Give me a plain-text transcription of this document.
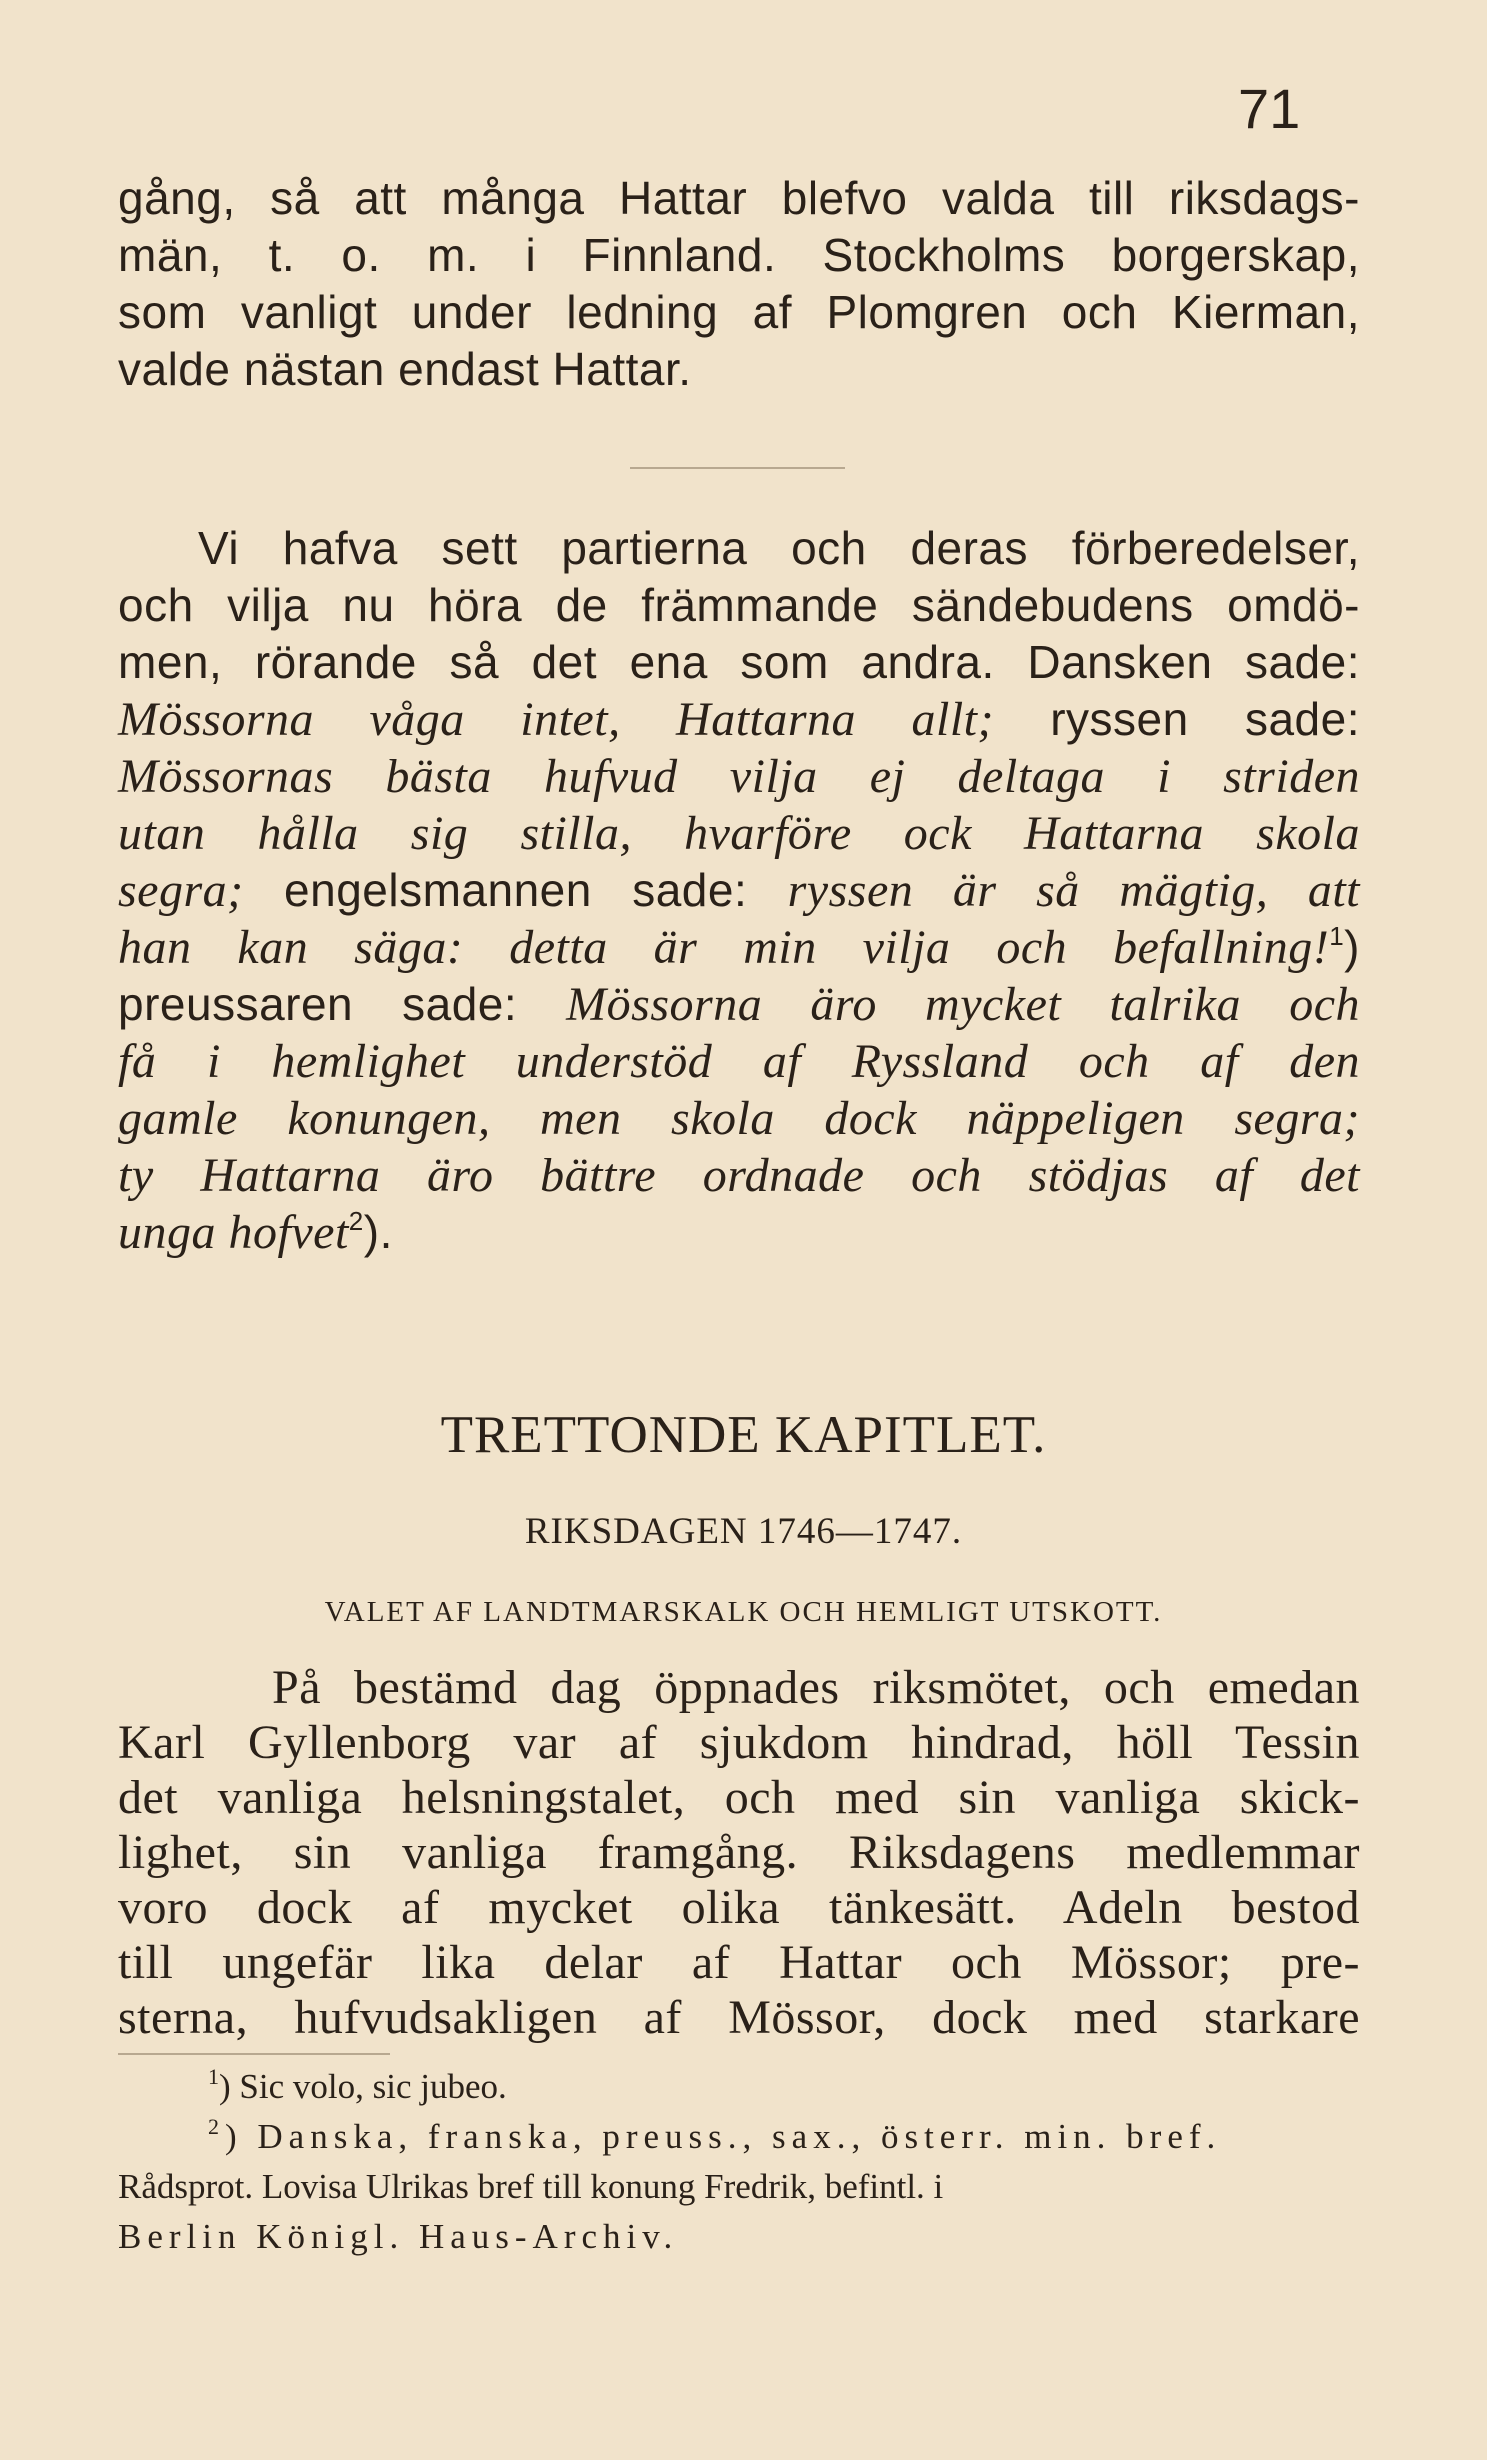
71
gång, så att många Hattar blefvo valda till riksdags-
män, t. o. m. i Finnland. Stockholms borgerskap,
som vanligt under ledning af Plomgren och Kierman,
valde nästan endast Hattar.
Vi hafva sett partierna och deras förberedelser,
och vilja nu höra de främmande sändebudens omdö-
men, rörande så det ena som andra. Dansken sade:
Mössorna våga intet, Hattarna allt; ryssen sade:
Mössornas bästa hufvud vilja ej deltaga i striden
utan hålla sig stilla, hvarföre ock Hattarna skola
segra; engelsmannen sade: ryssen är så mägtig, att
han kan säga: detta är min vilja och befallning!$^1$)
preussaren sade: Mössorna äro mycket talrika och
få i hemlighet understöd af Ryssland och af den
gamle konungen, men skola dock näppeligen segra;
ty Hattarna äro bättre ordnade och stödjas af det
unga hofvet$^2$).
TRETTONDE KAPITLET.
RIKSDAGEN 1746—1747.
VALET AF LANDTMARSKALK OCH HEMLIGT UTSKOTT.
På bestämd dag öppnades riksmötet, och emedan
Karl Gyllenborg var af sjukdom hindrad, höll Tessin
det vanliga helsningstalet, och med sin vanliga skick-
lighet, sin vanliga framgång. Riksdagens medlemmar
voro dock af mycket olika tänkesätt. Adeln bestod
till ungefär lika delar af Hattar och Mössor; pre-
sterna, hufvudsakligen af Mössor, dock med starkare
$^1$) Sic volo, sic jubeo.
$^2$) Danska, franska, preuss., sax., österr. min. bref.
Rådsprot. Lovisa Ulrikas bref till konung Fredrik, befintl. i
Berlin Königl. Haus-Archiv.
